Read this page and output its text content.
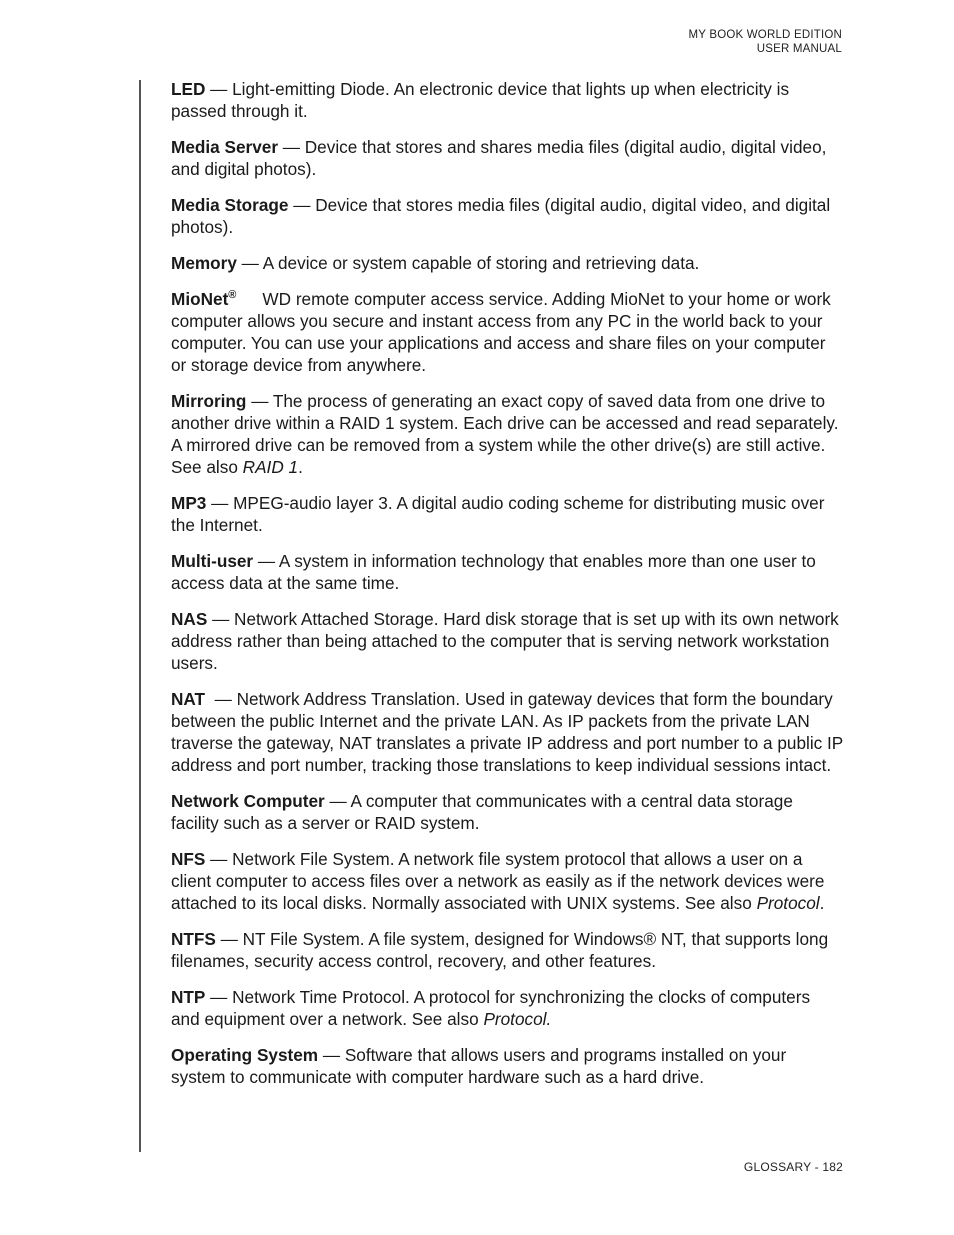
MY BOOK WORLD EDITION
USER MANUAL

LED — Light-emitting Diode. An electronic device that lights up when electricity is passed through it.

Media Server — Device that stores and shares media files (digital audio, digital video, and digital photos).

Media Storage — Device that stores media files (digital audio, digital video, and digital photos).

Memory — A device or system capable of storing and retrieving data.

MioNet® WD remote computer access service. Adding MioNet to your home or work computer allows you secure and instant access from any PC in the world back to your computer. You can use your applications and access and share files on your computer or storage device from anywhere.

Mirroring — The process of generating an exact copy of saved data from one drive to another drive within a RAID 1 system. Each drive can be accessed and read separately. A mirrored drive can be removed from a system while the other drive(s) are still active. See also RAID 1.

MP3 — MPEG-audio layer 3. A digital audio coding scheme for distributing music over the Internet.

Multi-user — A system in information technology that enables more than one user to access data at the same time.

NAS — Network Attached Storage. Hard disk storage that is set up with its own network address rather than being attached to the computer that is serving network workstation users.

NAT  — Network Address Translation. Used in gateway devices that form the boundary between the public Internet and the private LAN. As IP packets from the private LAN traverse the gateway, NAT translates a private IP address and port number to a public IP address and port number, tracking those translations to keep individual sessions intact.

Network Computer — A computer that communicates with a central data storage facility such as a server or RAID system.

NFS — Network File System. A network file system protocol that allows a user on a client computer to access files over a network as easily as if the network devices were attached to its local disks. Normally associated with UNIX systems. See also Protocol.

NTFS — NT File System. A file system, designed for Windows® NT, that supports long filenames, security access control, recovery, and other features.

NTP — Network Time Protocol. A protocol for synchronizing the clocks of computers and equipment over a network. See also Protocol.

Operating System — Software that allows users and programs installed on your system to communicate with computer hardware such as a hard drive.

GLOSSARY - 182
